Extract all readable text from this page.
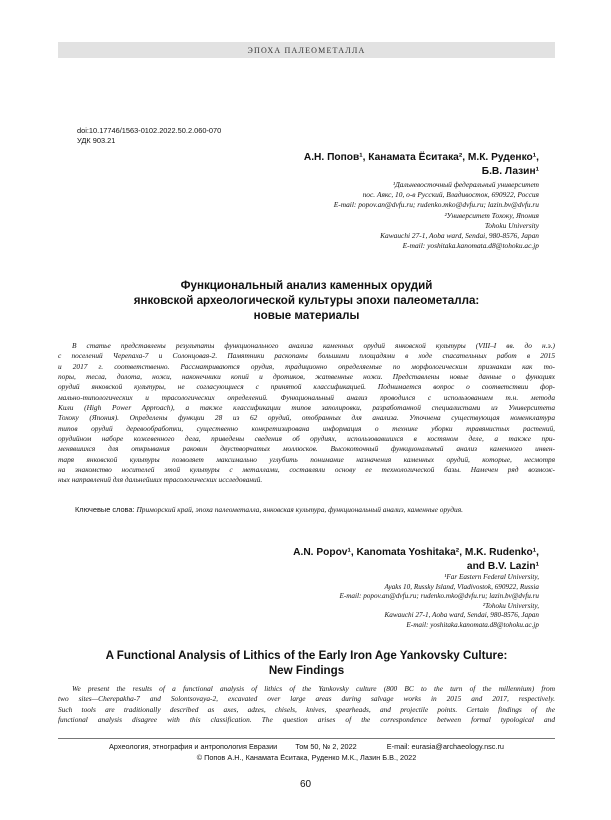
ЭПОХА ПАЛЕОМЕТАЛЛА
doi:10.17746/1563-0102.2022.50.2.060-070
УДК 903.21
А.Н. Попов¹, Канамата Ёситака², М.К. Руденко¹,
Б.В. Лазин¹
¹Дальневосточный федеральный университет
пос. Аякс, 10, о-в Русский, Владивосток, 690922, Россия
E-mail: popov.an@dvfu.ru; rudenko.mko@dvfu.ru; lazin.bv@dvfu.ru
²Университет Тохоку, Япония
Tohoku University
Kawauchi 27-1, Aoba ward, Sendai, 980-8576, Japan
E-mail: yoshitaka.kanomata.d8@tohoku.ac.jp
Функциональный анализ каменных орудий
янковской археологической культуры эпохи палеометалла:
новые материалы
В статье представлены результаты функционального анализа каменных орудий янковской культуры (VIII–I вв. до н.э.)
с поселений Черепаха-7 и Солонцовая-2. Памятники раскопаны большими площадями в ходе спасательных работ в 2015
и 2017 г. соответственно. Рассматриваются орудия, традиционно определяемые по морфологическим признакам как то-
поры, тесла, долота, ножи, наконечники копий и дротиков, жатвенные ножи. Представлены новые данные о функциях
орудий янковской культуры, не согласующиеся с принятой классификацией. Поднимается вопрос о соответствии фор-
мально-типологических и трасологических определений. Функциональный анализ проводился с использованием т.н. метода
Кили (High Power Approach), а также классификации типов заполировки, разработанной специалистами из Университета
Тохоку (Япония). Определены функции 28 из 62 орудий, отобранных для анализа. Уточнена существующая номенклатура
типов орудий деревообработки, существенно конкретизирована информация о технике уборки травянистых растений,
орудийном наборе кожевенного дела, приведены сведения об орудиях, использовавшихся в костяном деле, а также при-
менявшихся для открывания раковин двустворчатых моллюсков. Высокоточный функциональный анализ каменного инвен-
таря янковской культуры позволяет максимально углубить понимание назначения каменных орудий, которые, несмотря
на знакомство носителей этой культуры с металлами, составляли основу ее технологической базы. Намечен ряд возмож-
ных направлений для дальнейших трасологических исследований.
Ключевые слова: Приморский край, эпоха палеометалла, янковская культура, функциональный анализ, каменные орудия.
A.N. Popov¹, Kanomata Yoshitaka², M.K. Rudenko¹,
and B.V. Lazin¹
¹Far Eastern Federal University,
Ayaks 10, Russky Island, Vladivostok, 690922, Russia
E-mail: popov.an@dvfu.ru; rudenko.mko@dvfu.ru; lazin.bv@dvfu.ru
²Tohoku University,
Kawauchi 27-1, Aoba ward, Sendai, 980-8576, Japan
E-mail: yoshitaka.kanomata.d8@tohoku.ac.jp
A Functional Analysis of Lithics of the Early Iron Age Yankovsky Culture:
New Findings
We present the results of a functional analysis of lithics of the Yankovsky culture (800 BC to the turn of the millennium) from
two sites—Cherepakha-7 and Solontsovaya-2, excavated over large areas during salvage works in 2015 and 2017, respectively.
Such tools are traditionally described as axes, adzes, chisels, knives, spearheads, and projectile points. Certain findings of the
functional analysis disagree with this classification. The question arises of the correspondence between formal typological and
Археология, этнография и антропология Евразии Том 50, № 2, 2022	E-mail: eurasia@archaeology.nsc.ru
© Попов А.Н., Канамата Ёситака, Руденко М.К., Лазин Б.В., 2022
60
